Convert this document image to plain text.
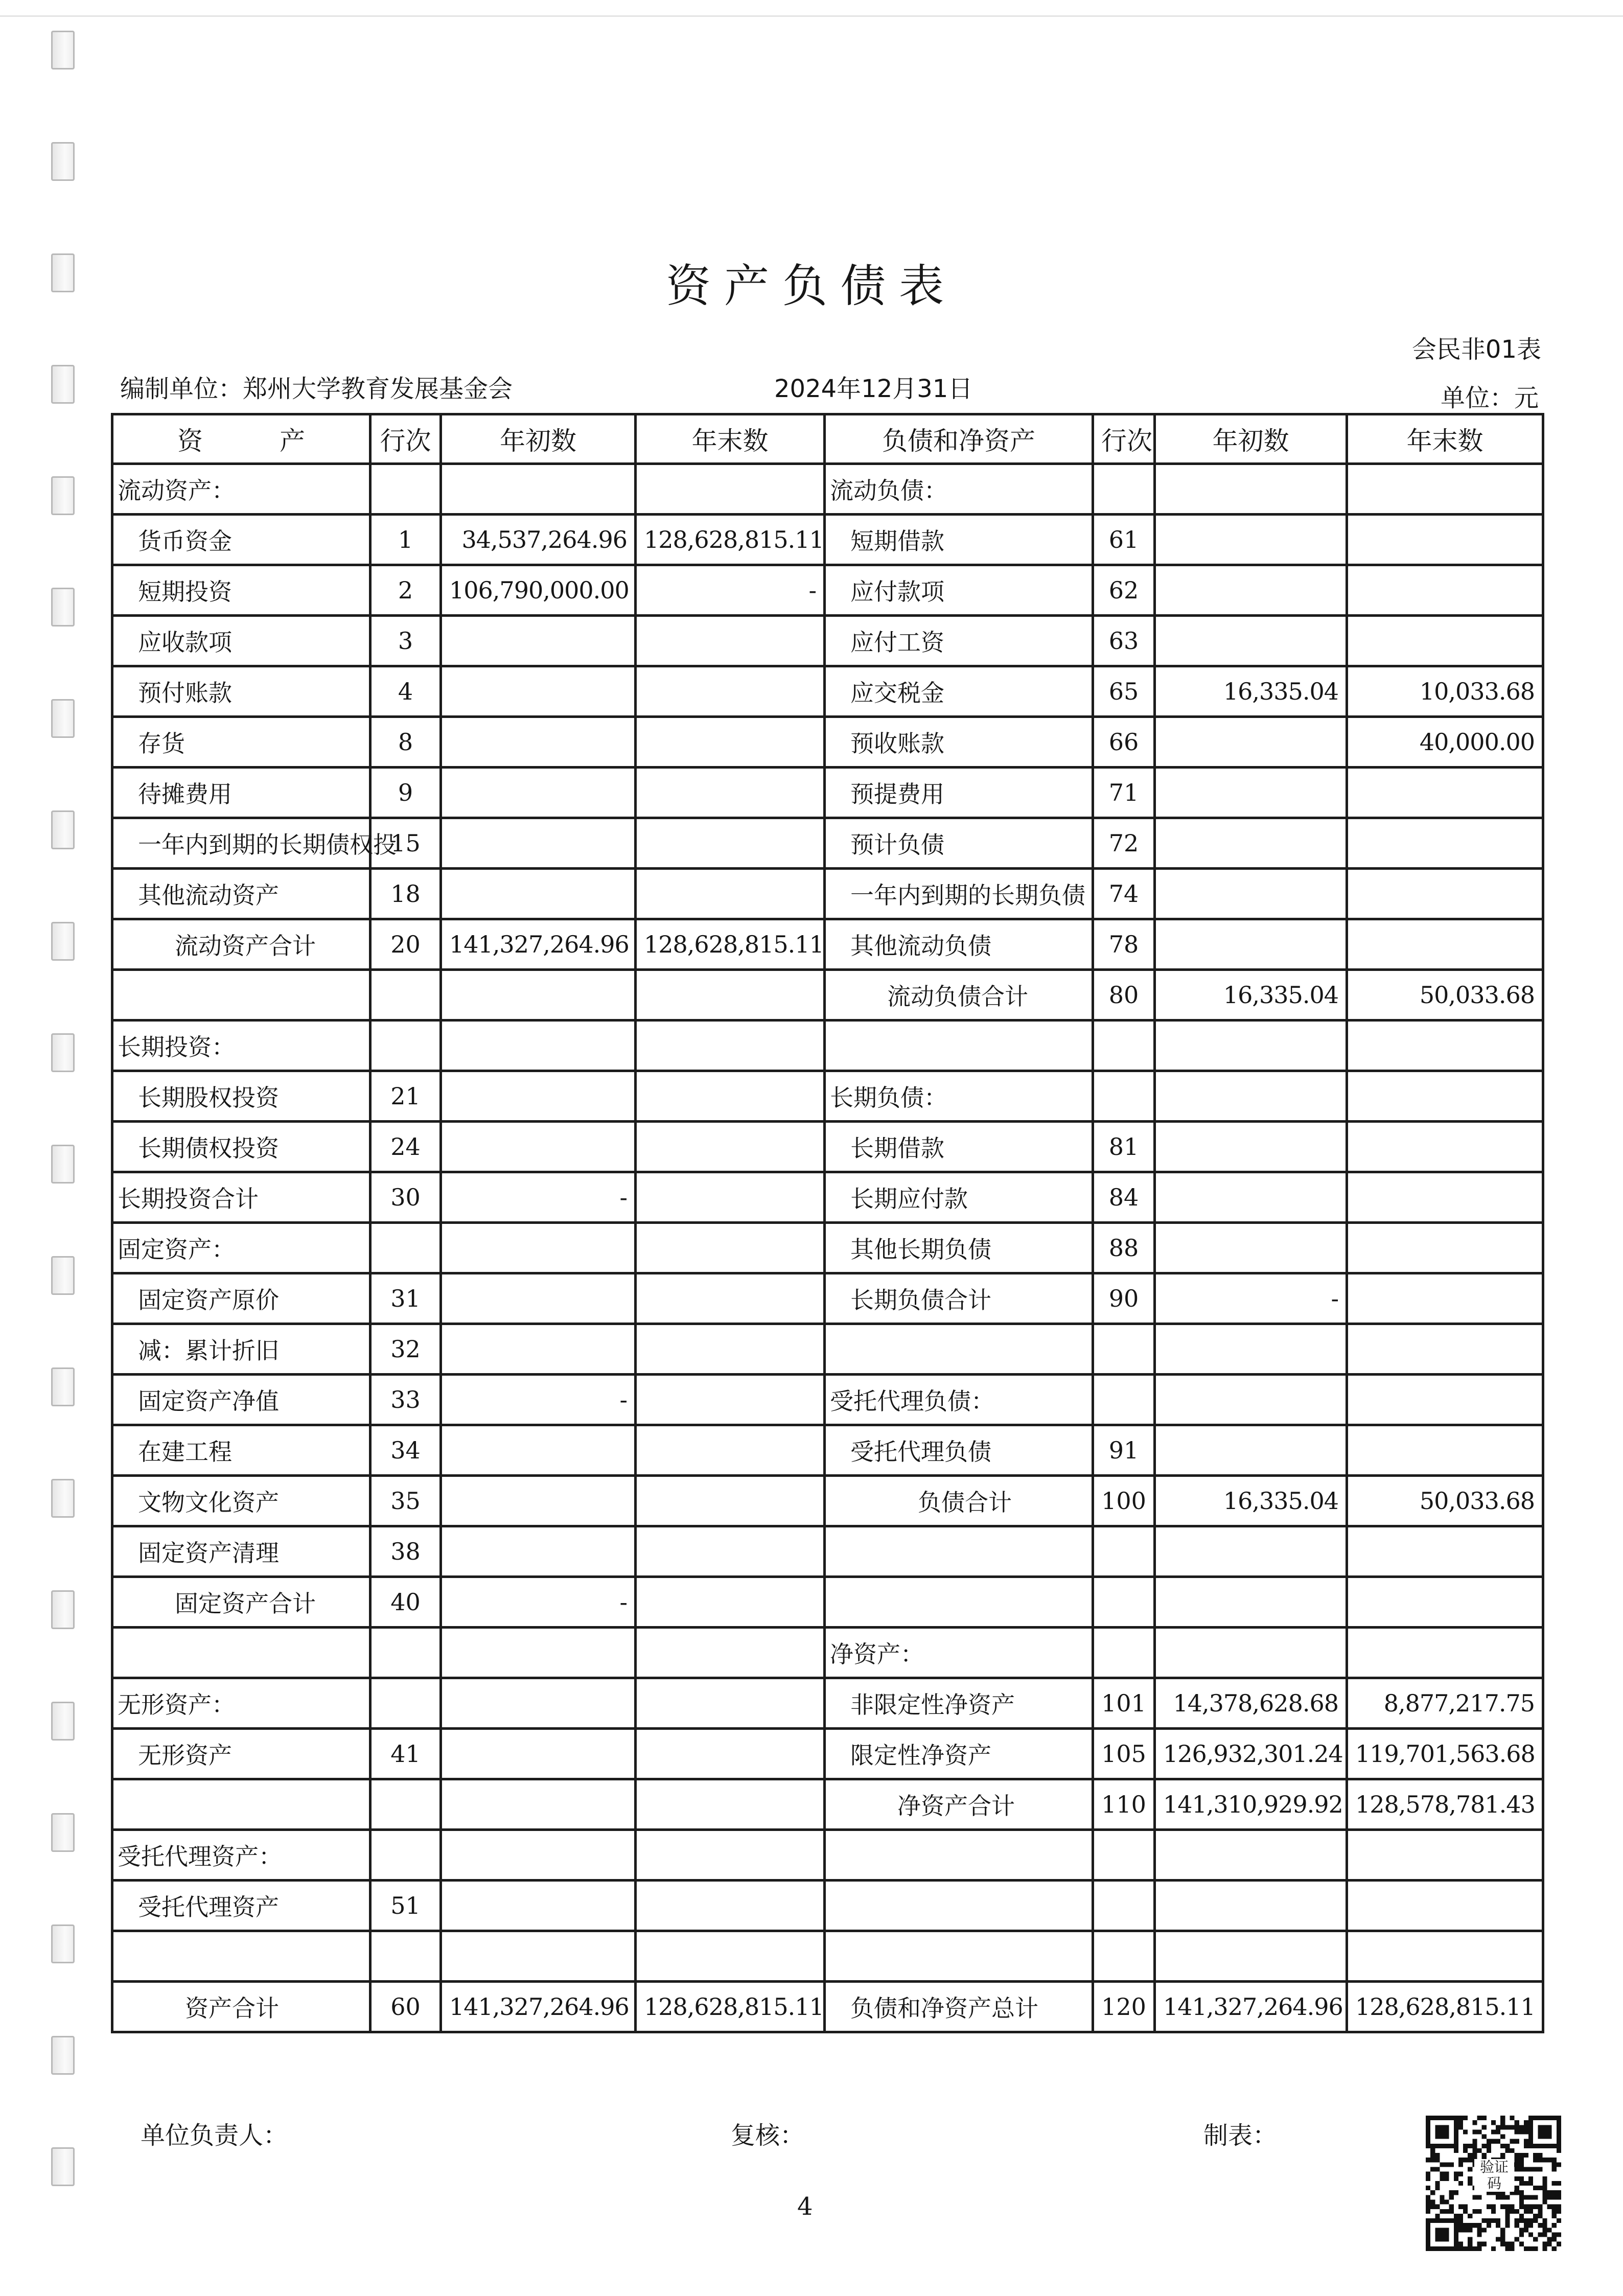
资产负债表
会民非01表
编制单位：郑州大学教育发展基金会	2024年12月31日	单位：元
资　　　产	行次	年初数	年末数	负债和净资产	行次	年初数	年末数
流动资产：				流动负债：			
货币资金	1	34,537,264.96	128,628,815.11	短期借款	61		
短期投资	2	106,790,000.00	-	应付款项	62		
应收款项	3			应付工资	63		
预付账款	4			应交税金	65	16,335.04	10,033.68
存货	8			预收账款	66		40,000.00
待摊费用	9			预提费用	71		
一年内到期的长期债权投	15			预计负债	72		
其他流动资产	18			一年内到期的长期负债	74		
流动资产合计	20	141,327,264.96	128,628,815.11	其他流动负债	78		
				流动负债合计	80	16,335.04	50,033.68
长期投资：							
长期股权投资	21			长期负债：			
长期债权投资	24			长期借款	81		
长期投资合计	30	-		长期应付款	84		
固定资产：				其他长期负债	88		
固定资产原价	31			长期负债合计	90	-	
减：累计折旧	32						
固定资产净值	33	-		受托代理负债：			
在建工程	34			受托代理负债	91		
文物文化资产	35			负债合计	100	16,335.04	50,033.68
固定资产清理	38						
固定资产合计	40	-					
				净资产：			
无形资产：				非限定性净资产	101	14,378,628.68	8,877,217.75
无形资产	41			限定性净资产	105	126,932,301.24	119,701,563.68
				净资产合计	110	141,310,929.92	128,578,781.43
受托代理资产：							
受托代理资产	51						

资产合计	60	141,327,264.96	128,628,815.11	负债和净资产总计	120	141,327,264.96	128,628,815.11
单位负责人：	复核：	制表：
验证码
4
